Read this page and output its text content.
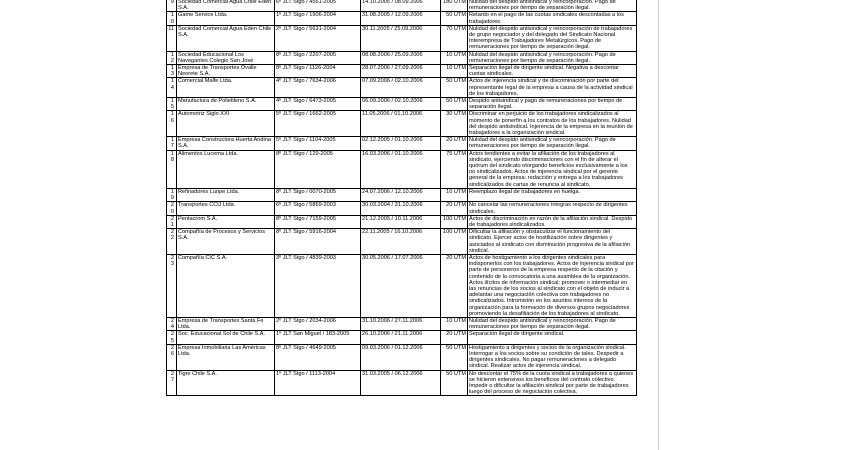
9	Sociedad Comercial Agua Chile Eden S.A.	6º JLT Stgo / 4561-2005	14.10.2005 / 08.09.2006	180 UTM	Nulidad del despido antisindical y reincorporación. Pago de remuneraciones por tiempo de separación ilegal.
10	Game Service Ltda.	1º JLT Stgo / 1906-2004	31.08.2005 / 12.09.2006	50 UTM	Retardo en el pago de las cuotas sindicales descontadas a los trabajadores.
11	Sociedad Comercial Agua Eden Chile S.A.	2º JLT Stgo / 5631-2004	30.11.2005 / 25.09.2006	70 UTM	Nulidad del despido antisindical y reincorporación de trabajadores de grupo negociador y del delegado del Sindicato Nacional Interempresa de Trabajadores Metalúrgicos. Pago de remuneraciones por tiempo de separación ilegal.
12	Sociedad Educacional Los Navegantes Colegio San José	8º JLT Stgo / 2207-2005	08.08.2006 / 25.09.2006	10 UTM	Nulidad del despido antisindical y reincorporación. Pago de remuneraciones por tiempo de separación ilegal.
13	Empresa de Transportes Ovalle Neorete S.A.	8º JLT Stgo / 1126-2004	28.07.2006 / 27.09.2006	10 UTM	Separación ilegal de dirigente sindical. Negativa a descontar cuotas sindicales.
14	Comercial Malfe Ltda.	4º JLT Stgo / 7634-2006	07.09.2006 / 02.10.2006	50 UTM	Actos de injerencia sindical y de discriminación por parte del representante legal de la empresa a causa de la actividad sindical de los trabajadores.
15	Manufactura de Polietileno S.A.	4º JLT Stgo / 6473-2005	06.09.2006 / 02.10.2006	50 UTM	Despido antisindical y pago de remuneraciones por tiempo de separación ilegal.
16	Automotriz Siglo XXI	5º JLT Stgo / 1662-2005	11.05.2006 / 01.10.2006	30 UTM	Discriminar en perjuicio de los trabajadores sindicalizados al momento de ponerfin a los contratos de los trabajadores. Nulidad del despido antisindical. Injerencia de la empresa en la reunión de trabajadores a la organización sindical.
17	Empresa Constructora Huerta Andina S.A.	5º JLT Stgo / 1104-2005	02.12.2005 / 01.10.2006	20 UTM	Nulidad del despido antisindical y reincorporación. Pago de remuneraciones por tiempo de separación ilegal.
18	Alimentos Lucema Ltda.	8º JLT Stgo / 129-2005	16.03.2006 / 01.10.2006	75 UTM	Actos tendientes a evitar la afiliación de los trabajadores al sindicato, ejerciendo discriminaciones con el fin de alterar el quórum del sindicato otorgando beneficios exclusivamente a los no sindicalizados. Actos de injerencia sindical por el gerente general de la empresa: redacción y entrega a los trabajadores sindicalizados de cartas de renuncia al sindicato.
19	Refinadores Lunpe Ltda.	8º JLT Stgo / 0070-2005	24.07.2006 / 12.10.2006	10 UTM	Reemplazo ilegal de trabajadores en huelga.
20	Transportes CCU Ltda.	6º JLT Stgo / 5869-2003	30.03.2004 / 31.10.2006	20 UTM	No cancelar las remuneraciones íntegras respecto de dirigentes sindicales.
21	Pentacrom S.A.	8º JLT Stgo / 7159-2005	21.12.2005 / 10.11.2006	100 UTM	Actos de discriminación en razón de la afiliación sindical. Despido de trabajadores sindicalizados.
22	Compañía de Procesos y Servicios S.A.	8º JLT Stgo / 5916-2004	22.11.2005 / 16.10.2006	100 UTM	Dificultar la afiliación y obstaculizar el funcionamiento del sindicato. Ejercer actos de hostilización sobre dirigentes y asociados al sindicato con disminución progresiva de la afiliación sindical.
23	Compañía CIC S.A.	3º JLT Stgo / 4839-2003	30.05.2006 / 17.07.2006	20 UTM	Actos de hostigamiento a los dirigentes sindicales para indisponerlos con los trabajadores. Actos de injerencia sindical por parte de personeros de la empresa respecto de la citación y contenido de la convocatoria a una asamblea de la organización. Actos ilícitos de información sindical: promover o intermediar en las renuncias de los socios al sindicato con el objeto de inducir a adelantar una negociación colectiva con trabajadores no sindicalizados. Intromisión en los asuntos internos de la organización para la formación de diversos grupos negociadores promoviendo la desafiliación de los trabajadores al sindicato.
24	Empresa de Transportes Santa Fe Ltda.	2º JLT Stgo / 2034-2006	31.10.2006 / 27.11.2006	10 UTM	Nulidad del despido antisindical y reincorporación. Pago de remuneraciones por tiempo de separación ilegal.
25	Soc. Educacional Sol de Chile S.A.	1º JLT San Miguel / 183-2005	26.10.2006 / 21.11.2006	20 UTM	Separación ilegal de dirigente sindical.
26	Empresa Inmobiliaria Las Américas Ltda.	8º JLT Stgo / 4649-2005	09.03.2006 / 01.12.2006	50 UTM	Hostigamiento a dirigentes y socios de la organización sindical. Interrogar a los socios sobre su condición de tales. Despedir a dirigentes sindicales. No pagar remuneraciones a delegado sindical. Realizar actos de injerencia sindical.
27	Tigre Chile S.A.	1º JLT Stgo / 1113-2004	31.03.2005 / 06.12.2006	50 UTM	No descontar el 75% de la cuota sindical a trabajadores a quienes se hicieron extensivos los beneficios del contrato colectivo. Impedir o dificultar la afiliación sindical por parte de trabajadores luego del proceso de negociación colectiva.
